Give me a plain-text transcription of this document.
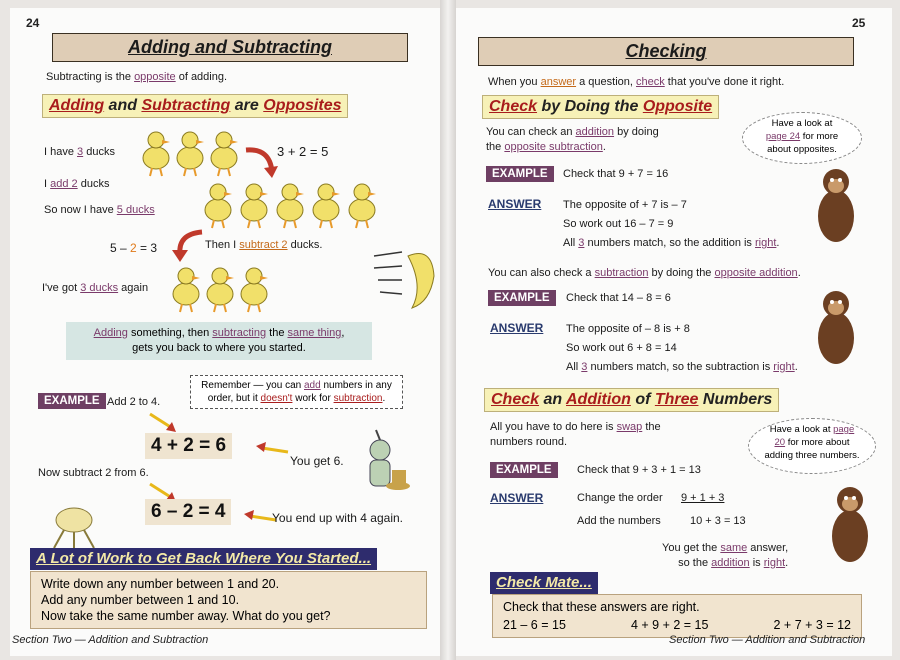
24
Adding and Subtracting
Subtracting is the opposite of adding.
Adding and Subtracting are Opposites
I have 3 ducks	3 + 2 = 5
I add 2 ducks
So now I have 5 ducks
5 – 2 = 3	Then I subtract 2 ducks.
I've got 3 ducks again
Adding something, then subtracting the same thing,
gets you back to where you started.
EXAMPLE Add 2 to 4.
Remember — you can add numbers in any
order, but it doesn't work for subtraction.
4 + 2 = 6
You get 6.
Now subtract 2 from 6.
6 – 2 = 4	You end up with 4 again.
A Lot of Work to Get Back Where You Started...
Write down any number between 1 and 20.
Add any number between 1 and 10.
Now take the same number away. What do you get?
Section Two — Addition and Subtraction
25
Checking
When you answer a question, check that you've done it right.
Check by Doing the Opposite
You can check an addition by doing
the opposite subtraction.
Have a look at
page 24 for more
about opposites.
EXAMPLE	Check that 9 + 7 = 16
ANSWER The opposite of + 7 is – 7
So work out 16 – 7 = 9
All 3 numbers match, so the addition is right.
You can also check a subtraction by doing the opposite addition.
EXAMPLE	Check that 14 – 8 = 6
ANSWER The opposite of – 8 is + 8
So work out 6 + 8 = 14
All 3 numbers match, so the subtraction is right.
Check an Addition of Three Numbers
All you have to do here is swap the
numbers round.
Have a look at page
20 for more about
adding three numbers.
EXAMPLE	Check that 9 + 3 + 1 = 13
ANSWER	Change the order 9 + 1 + 3
Add the numbers	10 + 3 = 13
You get the same answer,
so the addition is right.
Check Mate...
Check that these answers are right.
21 – 6 = 15	4 + 9 + 2 = 15	2 + 7 + 3 = 12
Section Two — Addition and Subtraction
